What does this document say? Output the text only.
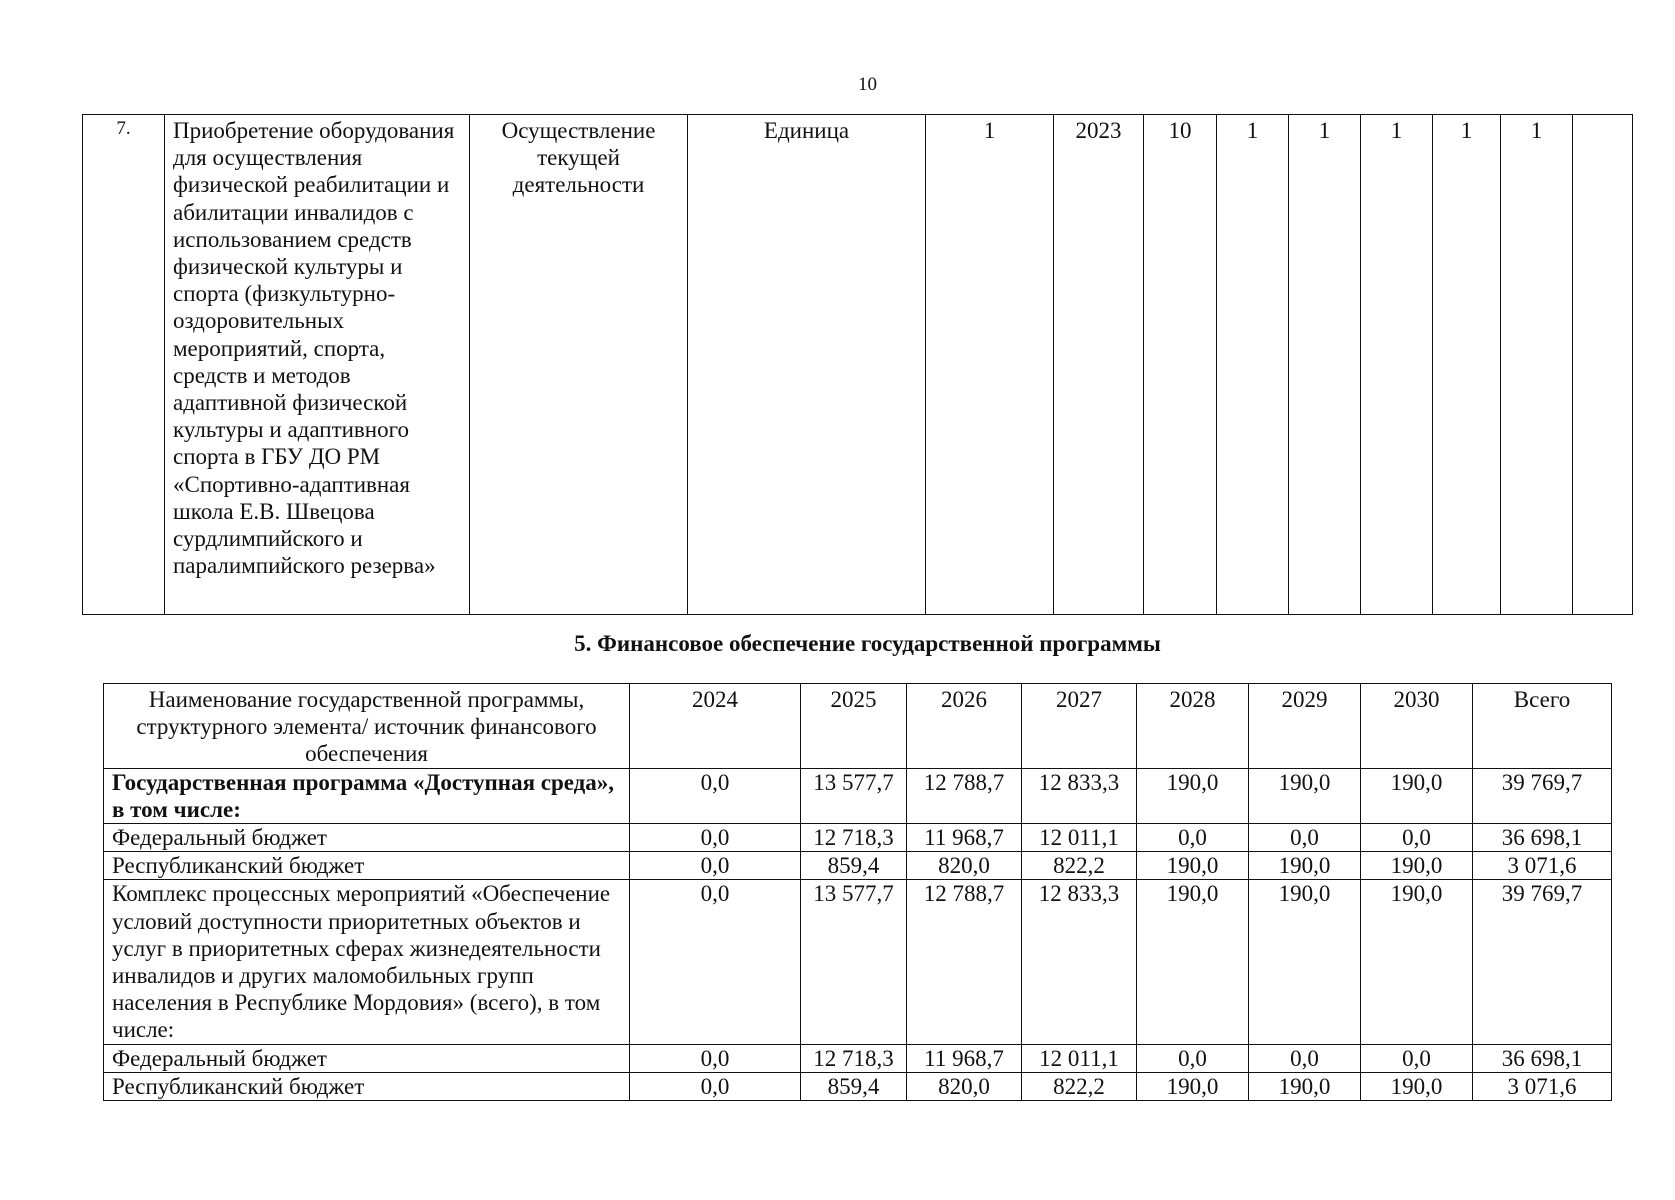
10
7.	Приобретение оборудования для осуществления физической реабилитации и абилитации инвалидов с использованием средств физической культуры и спорта (физкультурно-оздоровительных мероприятий, спорта, средств и методов адаптивной физической культуры и адаптивного спорта в ГБУ ДО РМ «Спортивно-адаптивная школа Е.В. Швецова сурдлимпийского и паралимпийского резерва»	Осуществление текущей деятельности	Единица	1	2023	10	1	1	1	1	1	
5. Финансовое обеспечение государственной программы
Наименование государственной программы, структурного элемента/ источник финансового обеспечения	2024	2025	2026	2027	2028	2029	2030	Всего
Государственная программа «Доступная среда», в том числе:	0,0	13 577,7	12 788,7	12 833,3	190,0	190,0	190,0	39 769,7
Федеральный бюджет	0,0	12 718,3	11 968,7	12 011,1	0,0	0,0	0,0	36 698,1
Республиканский бюджет	0,0	859,4	820,0	822,2	190,0	190,0	190,0	3 071,6
Комплекс процессных мероприятий «Обеспечение условий доступности приоритетных объектов и услуг в приоритетных сферах жизнедеятельности инвалидов и других маломобильных групп населения в Республике Мордовия» (всего), в том числе:	0,0	13 577,7	12 788,7	12 833,3	190,0	190,0	190,0	39 769,7
Федеральный бюджет	0,0	12 718,3	11 968,7	12 011,1	0,0	0,0	0,0	36 698,1
Республиканский бюджет	0,0	859,4	820,0	822,2	190,0	190,0	190,0	3 071,6
